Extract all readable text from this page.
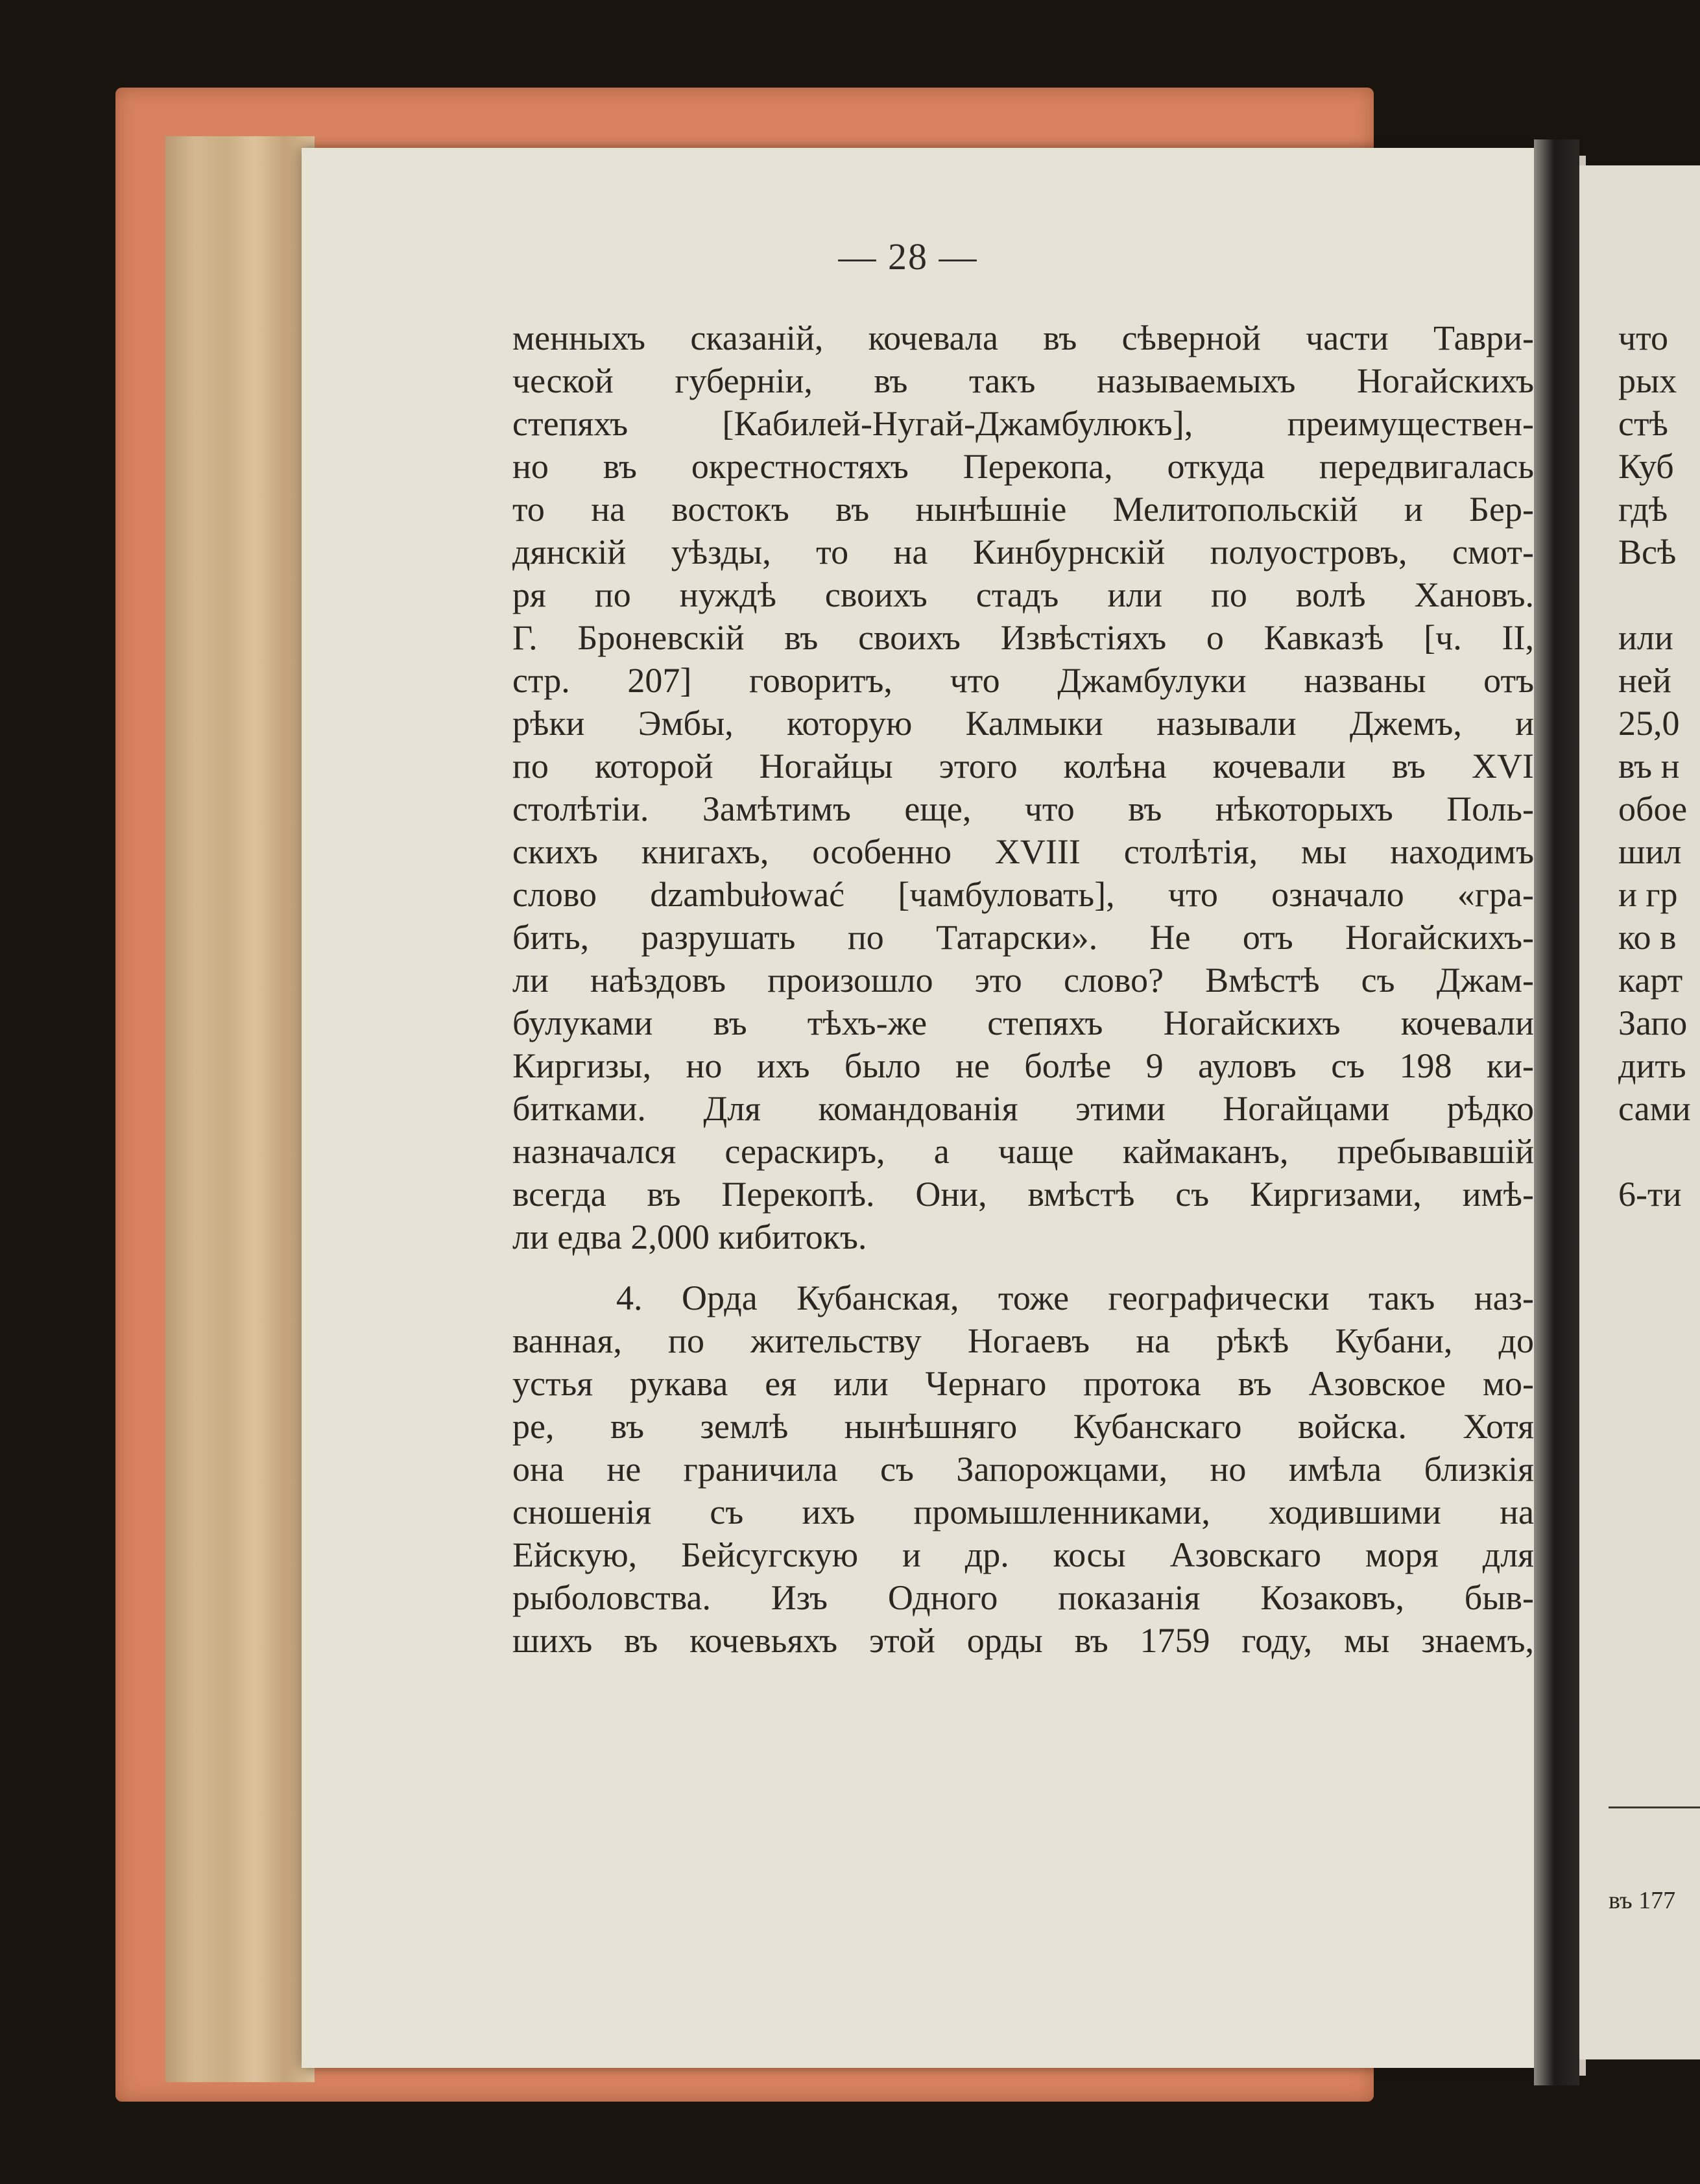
— 28 —
менныхъ сказаній, кочевала въ сѣверной части Таври-
ческой губерніи, въ такъ называемыхъ Ногайскихъ
степяхъ [Кабилей-Нугай-Джамбулюкъ], преимуществен-
но въ окрестностяхъ Перекопа, откуда передвигалась
то на востокъ въ нынѣшніе Мелитопольскій и Бер-
дянскій уѣзды, то на Кинбурнскій полуостровъ, смот-
ря по нуждѣ своихъ стадъ или по волѣ Хановъ.
Г. Броневскій въ своихъ Извѣстіяхъ о Кавказѣ [ч. II,
стр. 207] говоритъ, что Джамбулуки названы отъ
рѣки Эмбы, которую Калмыки называли Джемъ, и
по которой Ногайцы этого колѣна кочевали въ XVI
столѣтіи. Замѣтимъ еще, что въ нѣкоторыхъ Поль-
скихъ книгахъ, особенно XVIII столѣтія, мы находимъ
слово dzambułować [чамбуловать], что означало «гра-
бить, разрушать по Татарски». Не отъ Ногайскихъ-
ли наѣздовъ произошло это слово? Вмѣстѣ съ Джам-
булуками въ тѣхъ-же степяхъ Ногайскихъ кочевали
Киргизы, но ихъ было не болѣе 9 ауловъ съ 198 ки-
битками. Для командованія этими Ногайцами рѣдко
назначался сераскиръ, а чаще каймаканъ, пребывавшій
всегда въ Перекопѣ. Они, вмѣстѣ съ Киргизами, имѣ-
ли едва 2,000 кибитокъ.
4. Орда Кубанская, тоже географически такъ наз-
ванная, по жительству Ногаевъ на рѣкѣ Кубани, до
устья рукава ея или Чернаго протока въ Азовское мо-
ре, въ землѣ нынѣшняго Кубанскаго войска. Хотя
она не граничила съ Запорожцами, но имѣла близкія
сношенія съ ихъ промышленниками, ходившими на
Ейскую, Бейсугскую и др. косы Азовскаго моря для
рыболовства. Изъ Одного показанія Козаковъ, быв-
шихъ въ кочевьяхъ этой орды въ 1759 году, мы знаемъ,
что
рых
стѣ
Куб
гдѣ
Всѣ
или
ней
25,0
въ н
обое
шил
и гр
ко в
карт
Запо
дить
сами
6-ти
въ 177
